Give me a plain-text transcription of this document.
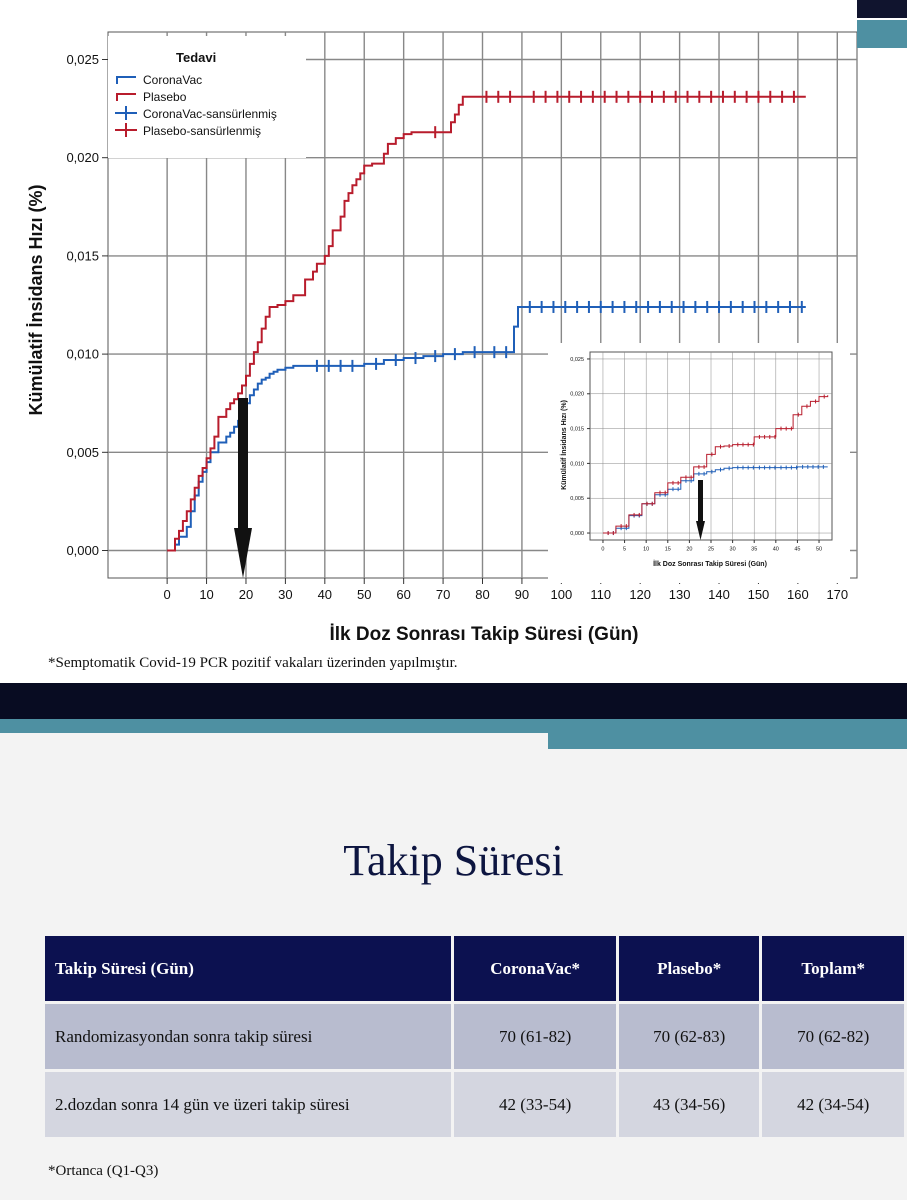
0 10 20 30 40 50 60 70 80 90 100 110 120 130 140 150 160 170
0,000
0,005
0,010
0,015
0,020
0,025
İlk Doz Sonrası Takip Süresi (Gün)
Kümülatif İnsidans Hızı (%)
Tedavi
CoronaVac
Plasebo
CoronaVac-sansürlenmiş
Plasebo-sansürlenmiş
0	5	10	15	20	25	30	35	40	45	50
0,000
0,005
0,010
0,015
0,020
0,025
İlk Doz Sonrası Takip Süresi (Gün)
Kümülatif İnsidans Hızı (%)
*Semptomatik Covid-19 PCR pozitif vakaları üzerinden yapılmıştır.
Takip Süresi
Takip Süresi (Gün)	CoronaVac*	Plasebo*	Toplam*
Randomizasyondan sonra takip süresi	70 (61-82)	70 (62-83)	70 (62-82)
2.dozdan sonra 14 gün ve üzeri takip süresi	42 (33-54)	43 (34-56)	42 (34-54)
*Ortanca (Q1-Q3)
